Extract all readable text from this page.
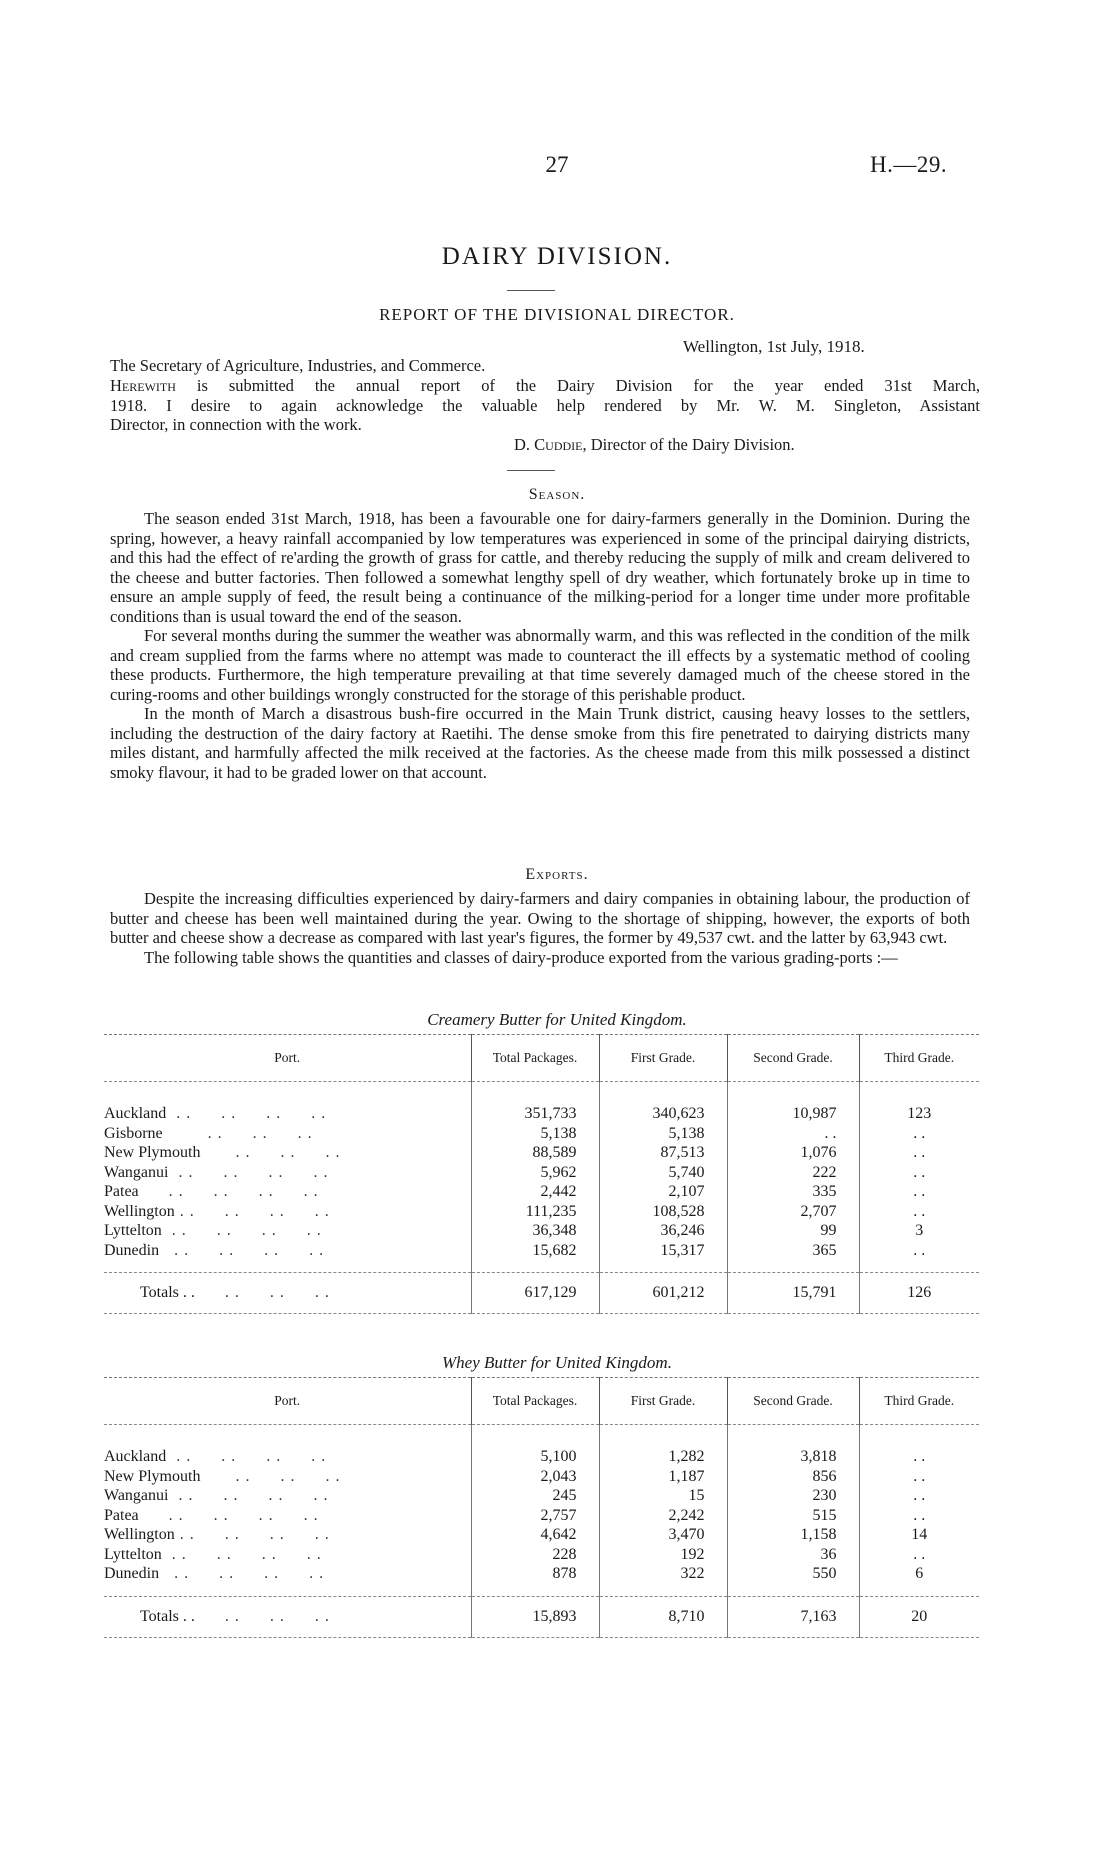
27	H.—29.
DAIRY DIVISION.
REPORT OF THE DIVISIONAL DIRECTOR.
Wellington, 1st July, 1918.
The Secretary of Agriculture, Industries, and Commerce.

Herewith is submitted the annual report of the Dairy Division for the year ended 31st March,

1918. I desire to again acknowledge the valuable help rendered by Mr. W. M. Singleton, Assistant

Director, in connection with the work.

D. Cuddie, Director of the Dairy Division.
Season.

The season ended 31st March, 1918, has been a favourable one for dairy-farmers generally in the Dominion. During the spring, however, a heavy rainfall accompanied by low temperatures was experienced in some of the principal dairying districts, and this had the effect of re'arding the growth of grass for cattle, and thereby reducing the supply of milk and cream delivered to the cheese and butter factories. Then followed a somewhat lengthy spell of dry weather, which fortunately broke up in time to ensure an ample supply of feed, the result being a continuance of the milking-period for a longer time under more profitable conditions than is usual toward the end of the season.

For several months during the summer the weather was abnormally warm, and this was reflected in the condition of the milk and cream supplied from the farms where no attempt was made to counteract the ill effects by a systematic method of cooling these products. Furthermore, the high temperature prevailing at that time severely damaged much of the cheese stored in the curing-rooms and other buildings wrongly constructed for the storage of this perishable product.

In the month of March a disastrous bush-fire occurred in the Main Trunk district, causing heavy losses to the settlers, including the destruction of the dairy factory at Raetihi. The dense smoke from this fire penetrated to dairying districts many miles distant, and harmfully affected the milk received at the factories. As the cheese made from this milk possessed a distinct smoky flavour, it had to be graded lower on that account.

Exports.

Despite the increasing difficulties experienced by dairy-farmers and dairy companies in obtaining labour, the production of butter and cheese has been well maintained during the year. Owing to the shortage of shipping, however, the exports of both butter and cheese show a decrease as compared with last year's figures, the former by 49,537 cwt. and the latter by 63,943 cwt.

The following table shows the quantities and classes of dairy-produce exported from the various grading-ports :—

Creamery Butter for United Kingdom.
Port.	Total Packages.	First Grade.	Second Grade.	Third Grade.

Auckland  . .      . .      . .      . .	351,733	340,623	10,987	123
Gisborne         . .      . .      . .	5,138	5,138	. .	. .
New Plymouth       . .      . .      . .	88,589	87,513	1,076	. .
Wanganui  . .      . .      . .      . .	5,962	5,740	222	. .
Patea      . .      . .      . .      . .	2,442	2,107	335	. .
Wellington . .      . .      . .      . .	111,235	108,528	2,707	. .
Lyttelton  . .      . .      . .      . .	36,348	36,246	99	3
Dunedin   . .      . .      . .      . .	15,682	15,317	365	. .

Totals . .      . .      . .      . .	617,129	601,212	15,791	126
Whey Butter for United Kingdom.
Port.	Total Packages.	First Grade.	Second Grade.	Third Grade.

Auckland  . .      . .      . .      . .	5,100	1,282	3,818	. .
New Plymouth       . .      . .      . .	2,043	1,187	856	. .
Wanganui  . .      . .      . .      . .	245	15	230	. .
Patea      . .      . .      . .      . .	2,757	2,242	515	. .
Wellington . .      . .      . .      . .	4,642	3,470	1,158	14
Lyttelton  . .      . .      . .      . .	228	192	36	. .
Dunedin   . .      . .      . .      . .	878	322	550	6

Totals . .      . .      . .      . .	15,893	8,710	7,163	20
